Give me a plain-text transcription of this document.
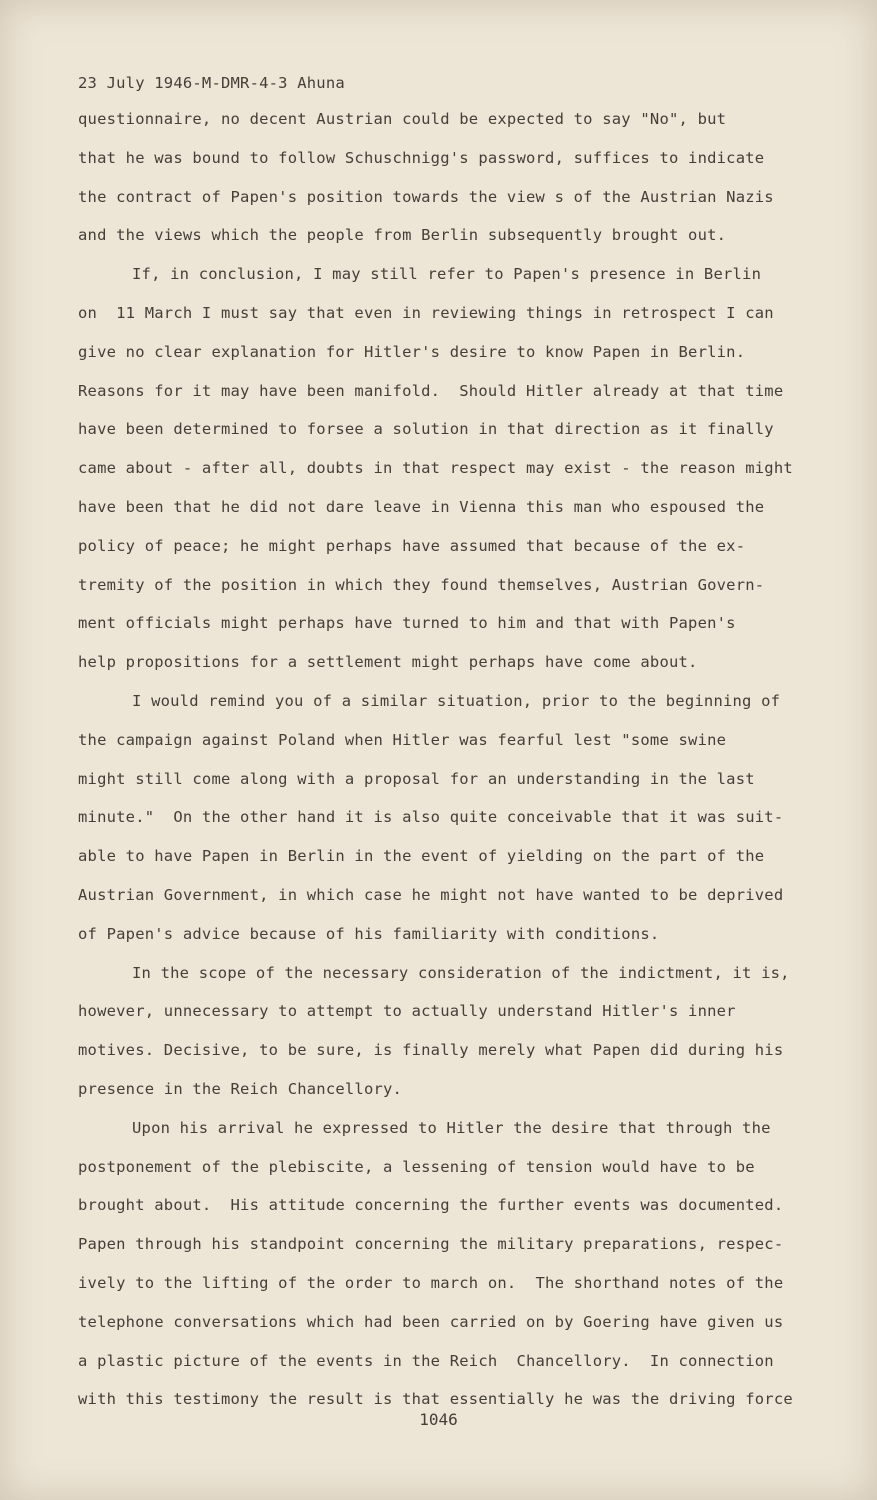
23 July 1946-M-DMR-4-3 Ahuna
questionnaire, no decent Austrian could be expected to say "No", but
that he was bound to follow Schuschnigg's password, suffices to indicate
the contract of Papen's position towards the view s of the Austrian Nazis
and the views which the people from Berlin subsequently brought out.
If, in conclusion, I may still refer to Papen's presence in Berlin
on  11 March I must say that even in reviewing things in retrospect I can
give no clear explanation for Hitler's desire to know Papen in Berlin.
Reasons for it may have been manifold.  Should Hitler already at that time
have been determined to forsee a solution in that direction as it finally
came about - after all, doubts in that respect may exist - the reason might
have been that he did not dare leave in Vienna this man who espoused the
policy of peace; he might perhaps have assumed that because of the ex-
tremity of the position in which they found themselves, Austrian Govern-
ment officials might perhaps have turned to him and that with Papen's
help propositions for a settlement might perhaps have come about.
I would remind you of a similar situation, prior to the beginning of
the campaign against Poland when Hitler was fearful lest "some swine
might still come along with a proposal for an understanding in the last
minute."  On the other hand it is also quite conceivable that it was suit-
able to have Papen in Berlin in the event of yielding on the part of the
Austrian Government, in which case he might not have wanted to be deprived
of Papen's advice because of his familiarity with conditions.
In the scope of the necessary consideration of the indictment, it is,
however, unnecessary to attempt to actually understand Hitler's inner
motives. Decisive, to be sure, is finally merely what Papen did during his
presence in the Reich Chancellory.
Upon his arrival he expressed to Hitler the desire that through the
postponement of the plebiscite, a lessening of tension would have to be
brought about.  His attitude concerning the further events was documented.
Papen through his standpoint concerning the military preparations, respec-
ively to the lifting of the order to march on.  The shorthand notes of the
telephone conversations which had been carried on by Goering have given us
a plastic picture of the events in the Reich  Chancellory.  In connection
with this testimony the result is that essentially he was the driving force
1046
